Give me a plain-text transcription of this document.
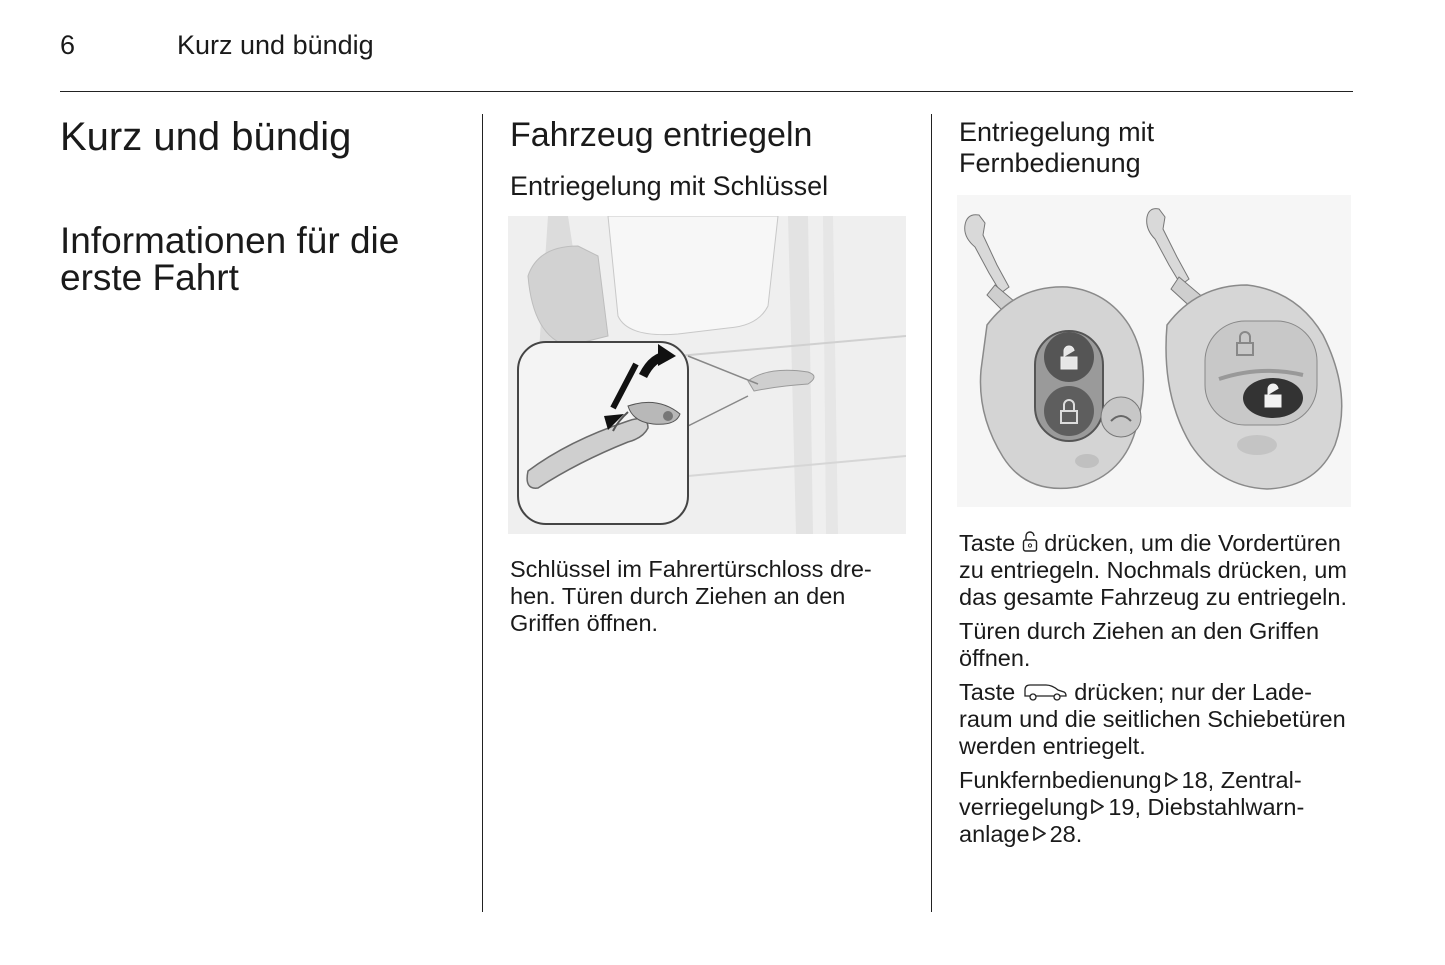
6	Kurz und bündig
Kurz und bündig
Informationen für die
erste Fahrt
Fahrzeug entriegeln
Entriegelung mit Schlüssel
Schlüssel im Fahrertürschloss dre-
hen. Türen durch Ziehen an den
Griffen öffnen.
Entriegelung mit
Fernbedienung

Taste drücken, um die Vordertüren
zu entriegeln. Nochmals drücken, um
das gesamte Fahrzeug zu entriegeln.

Türen durch Ziehen an den Griffen
öffnen.

Taste	drücken; nur der Lade-
raum und die seitlichen Schiebetüren
werden entriegelt.

Funkfernbedienung 18, Zentral-
verriegelung 19, Diebstahlwarn-
anlage 28.
